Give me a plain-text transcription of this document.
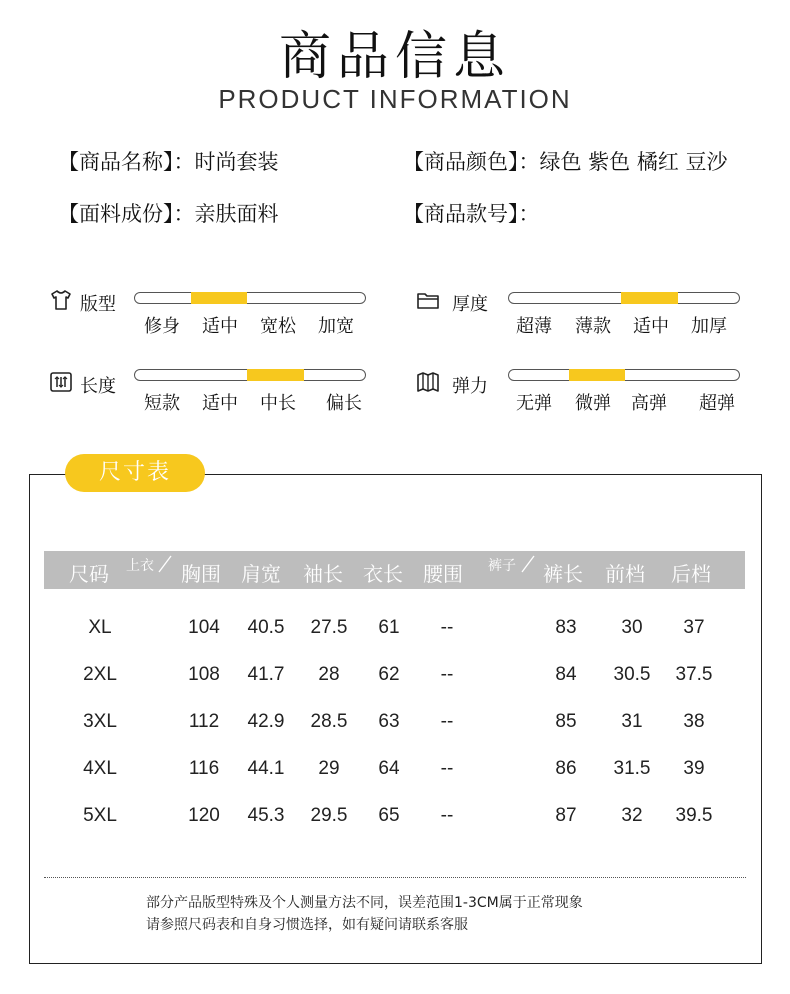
商品信息
PRODUCT INFORMATION
【商品名称】：时尚套装	【商品颜色】：绿色 紫色 橘红 豆沙
【面料成份】：亲肤面料	【商品款号】：
版型
修身	适中	宽松	加宽
厚度
超薄	薄款	适中	加厚
长度
短款	适中	中长	偏长
弹力
无弹	微弹	高弹	超弹
尺寸表
尺码	上衣	胸围	肩宽	袖长	衣长	腰围	裤子	裤长	前档	后档
XL	104	40.5	27.5	61	--	83	30	37
2XL	108	41.7	28	62	--	84	30.5	37.5
3XL	112	42.9	28.5	63	--	85	31	38
4XL	116	44.1	29	64	--	86	31.5	39
5XL	120	45.3	29.5	65	--	87	32	39.5
部分产品版型特殊及个人测量方法不同，误差范围1-3CM属于正常现象
请参照尺码表和自身习惯选择，如有疑问请联系客服
